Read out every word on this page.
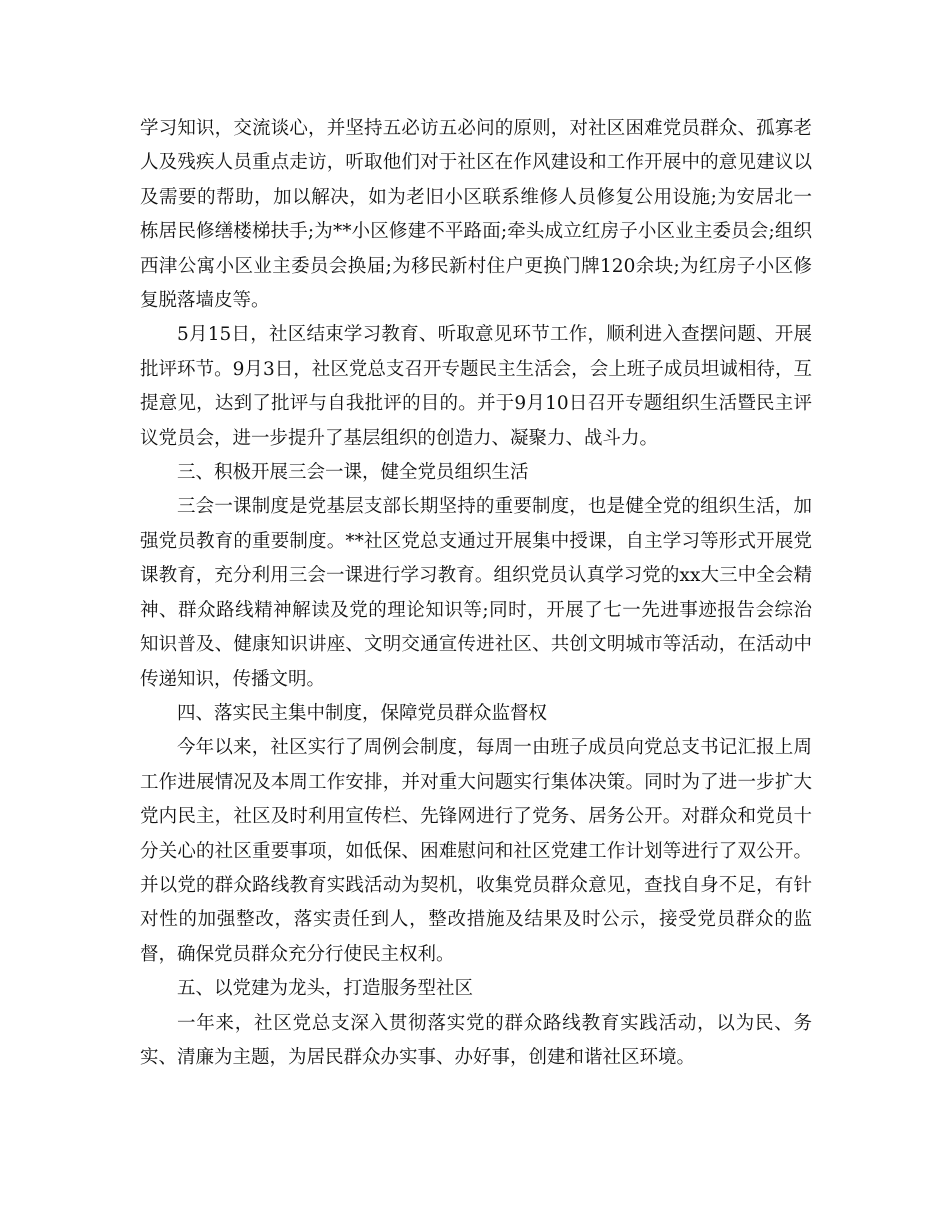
学习知识，交流谈心，并坚持五必访五必问的原则，对社区困难党员群众、孤寡老人及残疾人员重点走访，听取他们对于社区在作风建设和工作开展中的意见建议以及需要的帮助，加以解决，如为老旧小区联系维修人员修复公用设施;为安居北一栋居民修缮楼梯扶手;为**小区修建不平路面;牵头成立红房子小区业主委员会;组织西津公寓小区业主委员会换届;为移民新村住户更换门牌120余块;为红房子小区修复脱落墙皮等。

5月15日，社区结束学习教育、听取意见环节工作，顺利进入查摆问题、开展批评环节。9月3日，社区党总支召开专题民主生活会，会上班子成员坦诚相待，互提意见，达到了批评与自我批评的目的。并于9月10日召开专题组织生活暨民主评议党员会，进一步提升了基层组织的创造力、凝聚力、战斗力。

三、积极开展三会一课，健全党员组织生活

三会一课制度是党基层支部长期坚持的重要制度，也是健全党的组织生活，加强党员教育的重要制度。**社区党总支通过开展集中授课，自主学习等形式开展党课教育，充分利用三会一课进行学习教育。组织党员认真学习党的xx大三中全会精神、群众路线精神解读及党的理论知识等;同时，开展了七一先进事迹报告会综治知识普及、健康知识讲座、文明交通宣传进社区、共创文明城市等活动，在活动中传递知识，传播文明。

四、落实民主集中制度，保障党员群众监督权

今年以来，社区实行了周例会制度，每周一由班子成员向党总支书记汇报上周工作进展情况及本周工作安排，并对重大问题实行集体决策。同时为了进一步扩大党内民主，社区及时利用宣传栏、先锋网进行了党务、居务公开。对群众和党员十分关心的社区重要事项，如低保、困难慰问和社区党建工作计划等进行了双公开。并以党的群众路线教育实践活动为契机，收集党员群众意见，查找自身不足，有针对性的加强整改，落实责任到人，整改措施及结果及时公示，接受党员群众的监督，确保党员群众充分行使民主权利。

五、以党建为龙头，打造服务型社区

一年来，社区党总支深入贯彻落实党的群众路线教育实践活动，以为民、务实、清廉为主题，为居民群众办实事、办好事，创建和谐社区环境。
